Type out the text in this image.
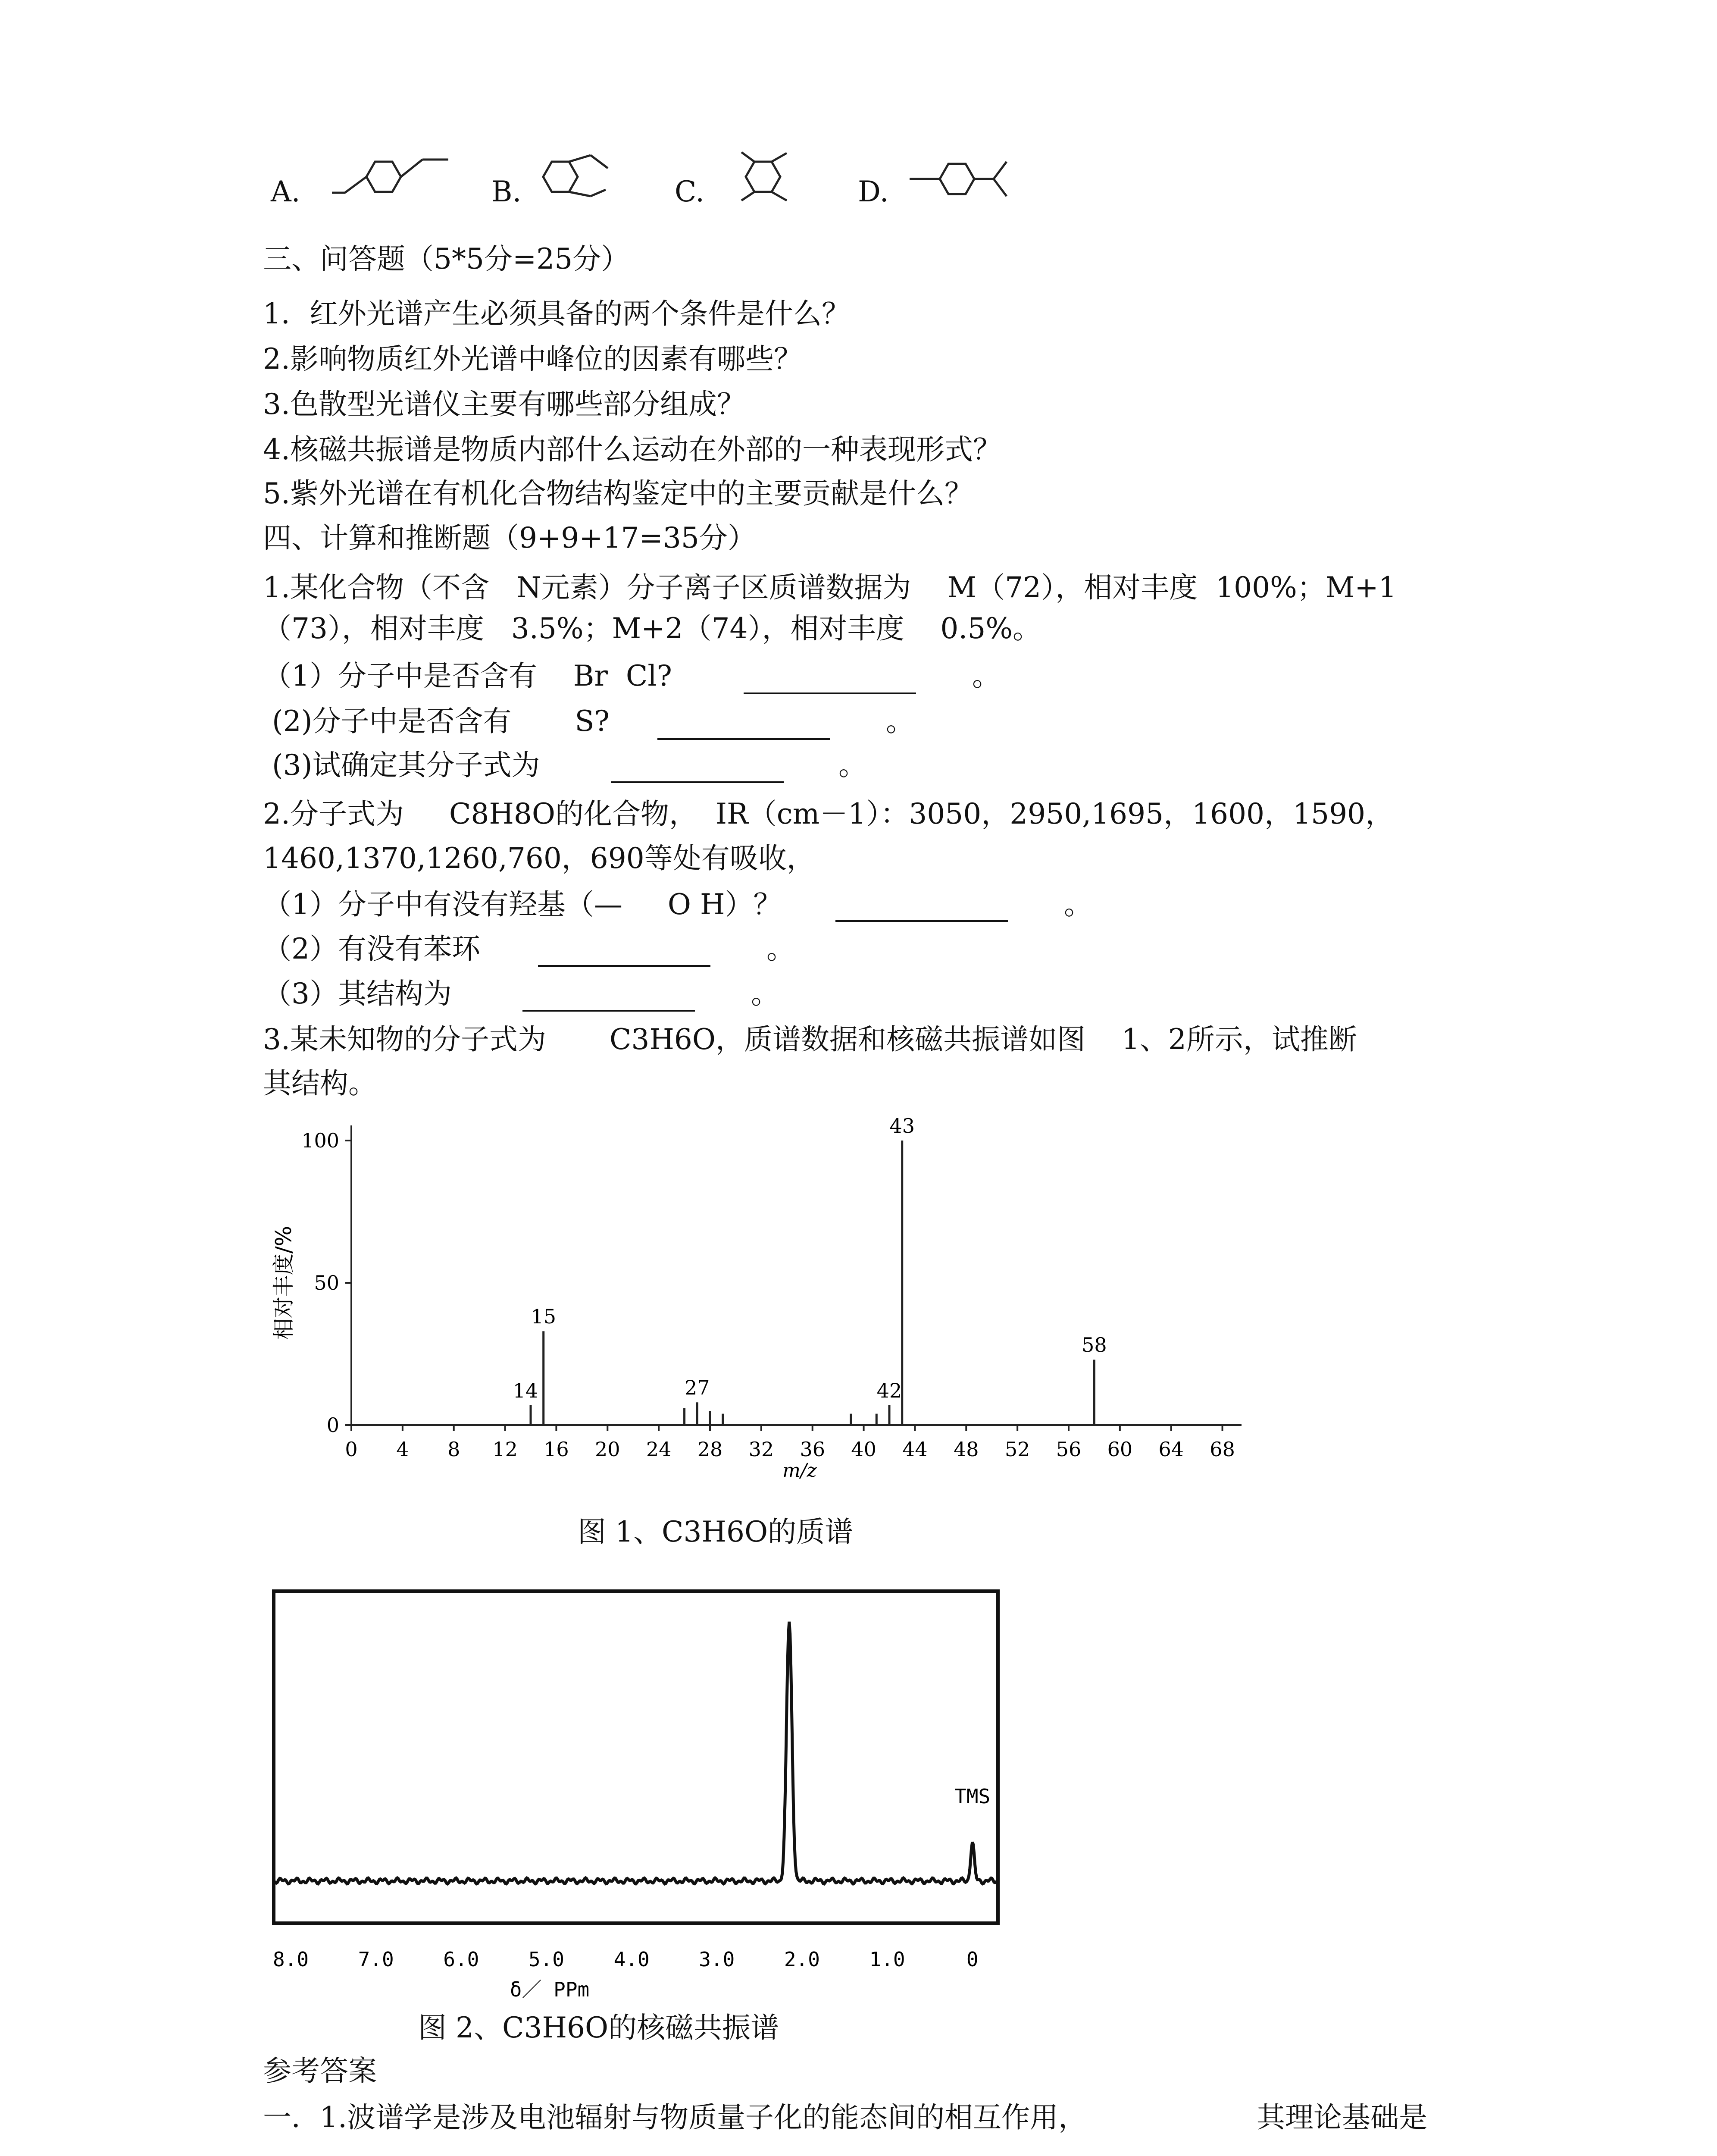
A.	B.	C.	D.
三、问答题（5*5分=25分）
1．红外光谱产生必须具备的两个条件是什么？
2.影响物质红外光谱中峰位的因素有哪些？
3.色散型光谱仪主要有哪些部分组成？
4.核磁共振谱是物质内部什么运动在外部的一种表现形式？
5.紫外光谱在有机化合物结构鉴定中的主要贡献是什么？
四、计算和推断题（9+9+17=35分）
1.某化合物（不含   N元素）分子离子区质谱数据为    M（72），相对丰度  100%；M+1
（73），相对丰度   3.5%；M+2（74），相对丰度    0.5%。
（1）分子中是否含有    Br  Cl?	。
(2)分子中是否含有       S?	。
(3)试确定其分子式为	。
2.分子式为     C8H8O的化合物，  IR（cm－1）：3050，2950,1695，1600，1590，
1460,1370,1260,760，690等处有吸收，
（1）分子中有没有羟基（—     O H）？	。
（2）有没有苯环	。
（3）其结构为	。
3.某未知物的分子式为       C3H6O，质谱数据和核磁共振谱如图    1、2所示，试推断
其结构。
0
50
100
0 4 8 12 16 20 24 28 32 36 40 44 48 52 56 60 64 68
m/z
相对丰度/%
14
15
27	42
43
58
图 1、C3H6O的质谱
8.0 7.0 6.0 5.0 4.0 3.0 2.0 1.0	0
δ／ PPm
TMS
图 2、C3H6O的核磁共振谱
参考答案
一．1.波谱学是涉及电池辐射与物质量子化的能态间的相互作用，	其理论基础是
